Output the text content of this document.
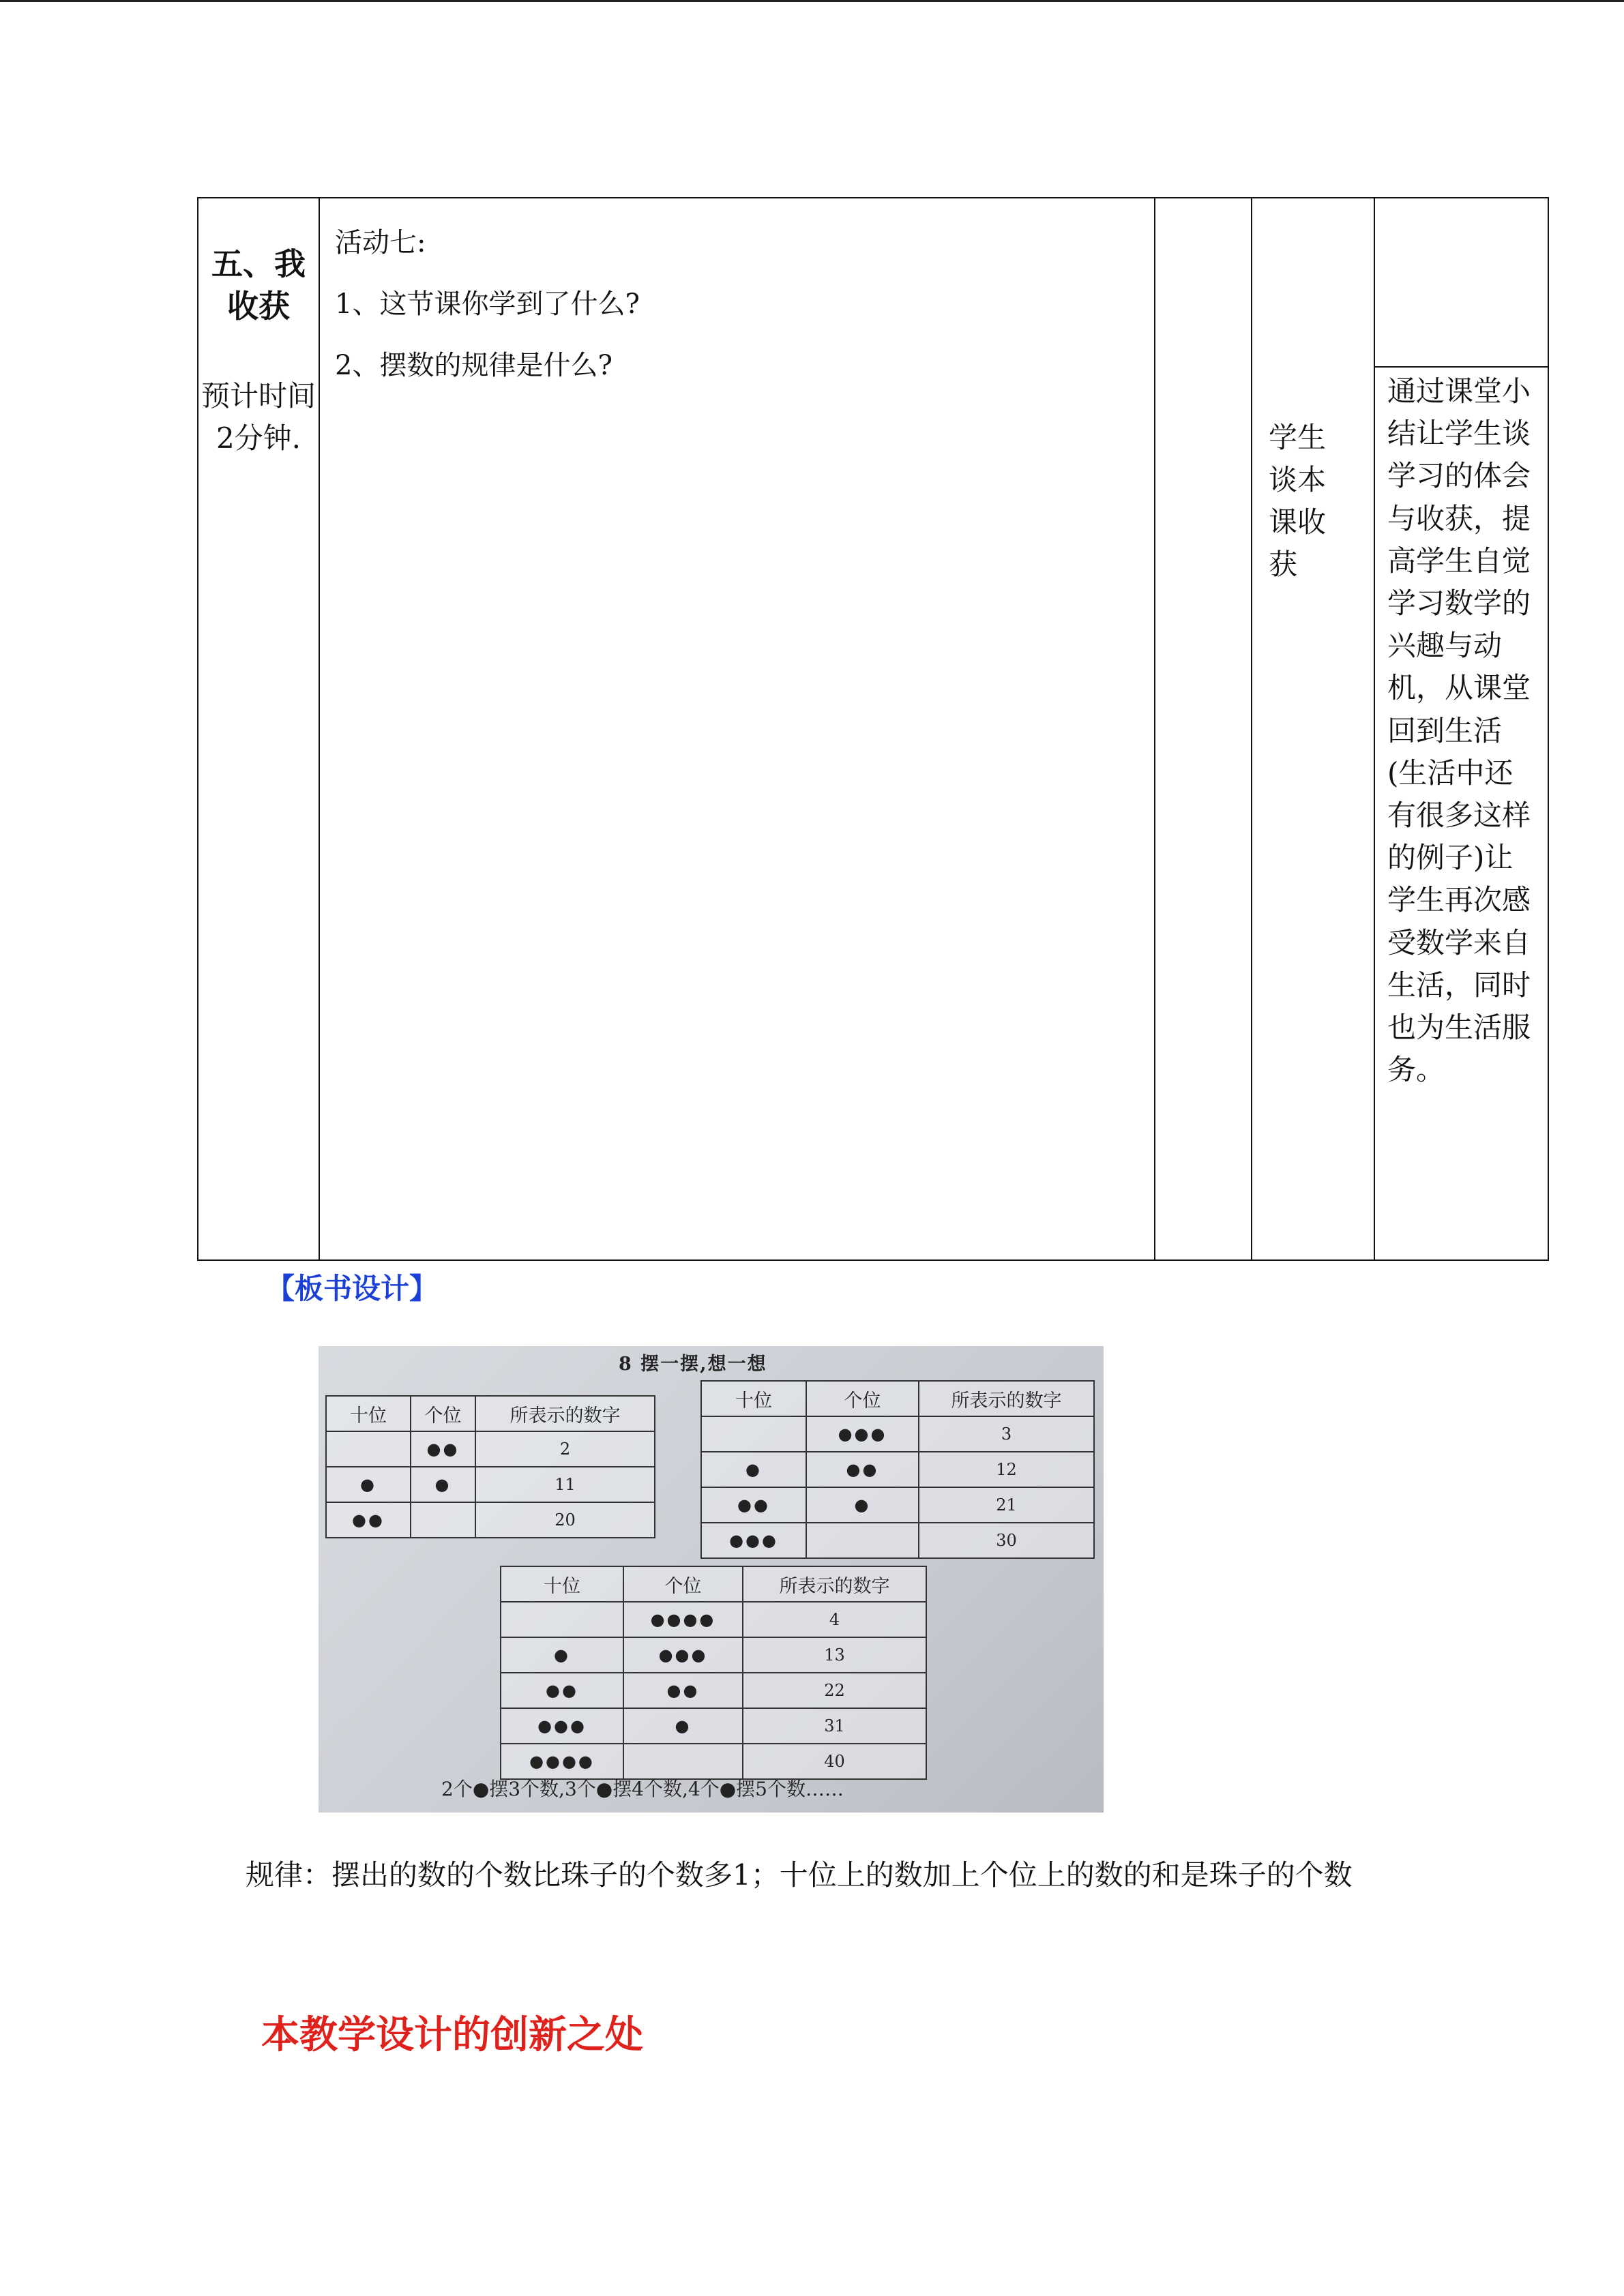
五、我收获
预计时间2分钟.

活动七:
1、这节课你学到了什么?
2、摆数的规律是什么?

学生谈本课收获

通过课堂小结让学生谈学习的体会与收获，提高学生自觉学习数学的兴趣与动机，从课堂回到生活(生活中还有很多这样的例子)让学生再次感受数学来自生活，同时也为生活服务。
【板书设计】
8 摆一摆,想一想
十位	个位	所表示的数字
	●●	2
●	●	11
●●		20
十位	个位	所表示的数字
	●●●	3
●	●●	12
●●	●	21
●●●		30
十位	个位	所表示的数字
	●●●●	4
●	●●●	13
●●	●●	22
●●●	●	31
●●●●		40
2个●摆3个数,3个●摆4个数,4个●摆5个数……
规律：摆出的数的个数比珠子的个数多1；十位上的数加上个位上的数的和是珠子的个数
本教学设计的创新之处
